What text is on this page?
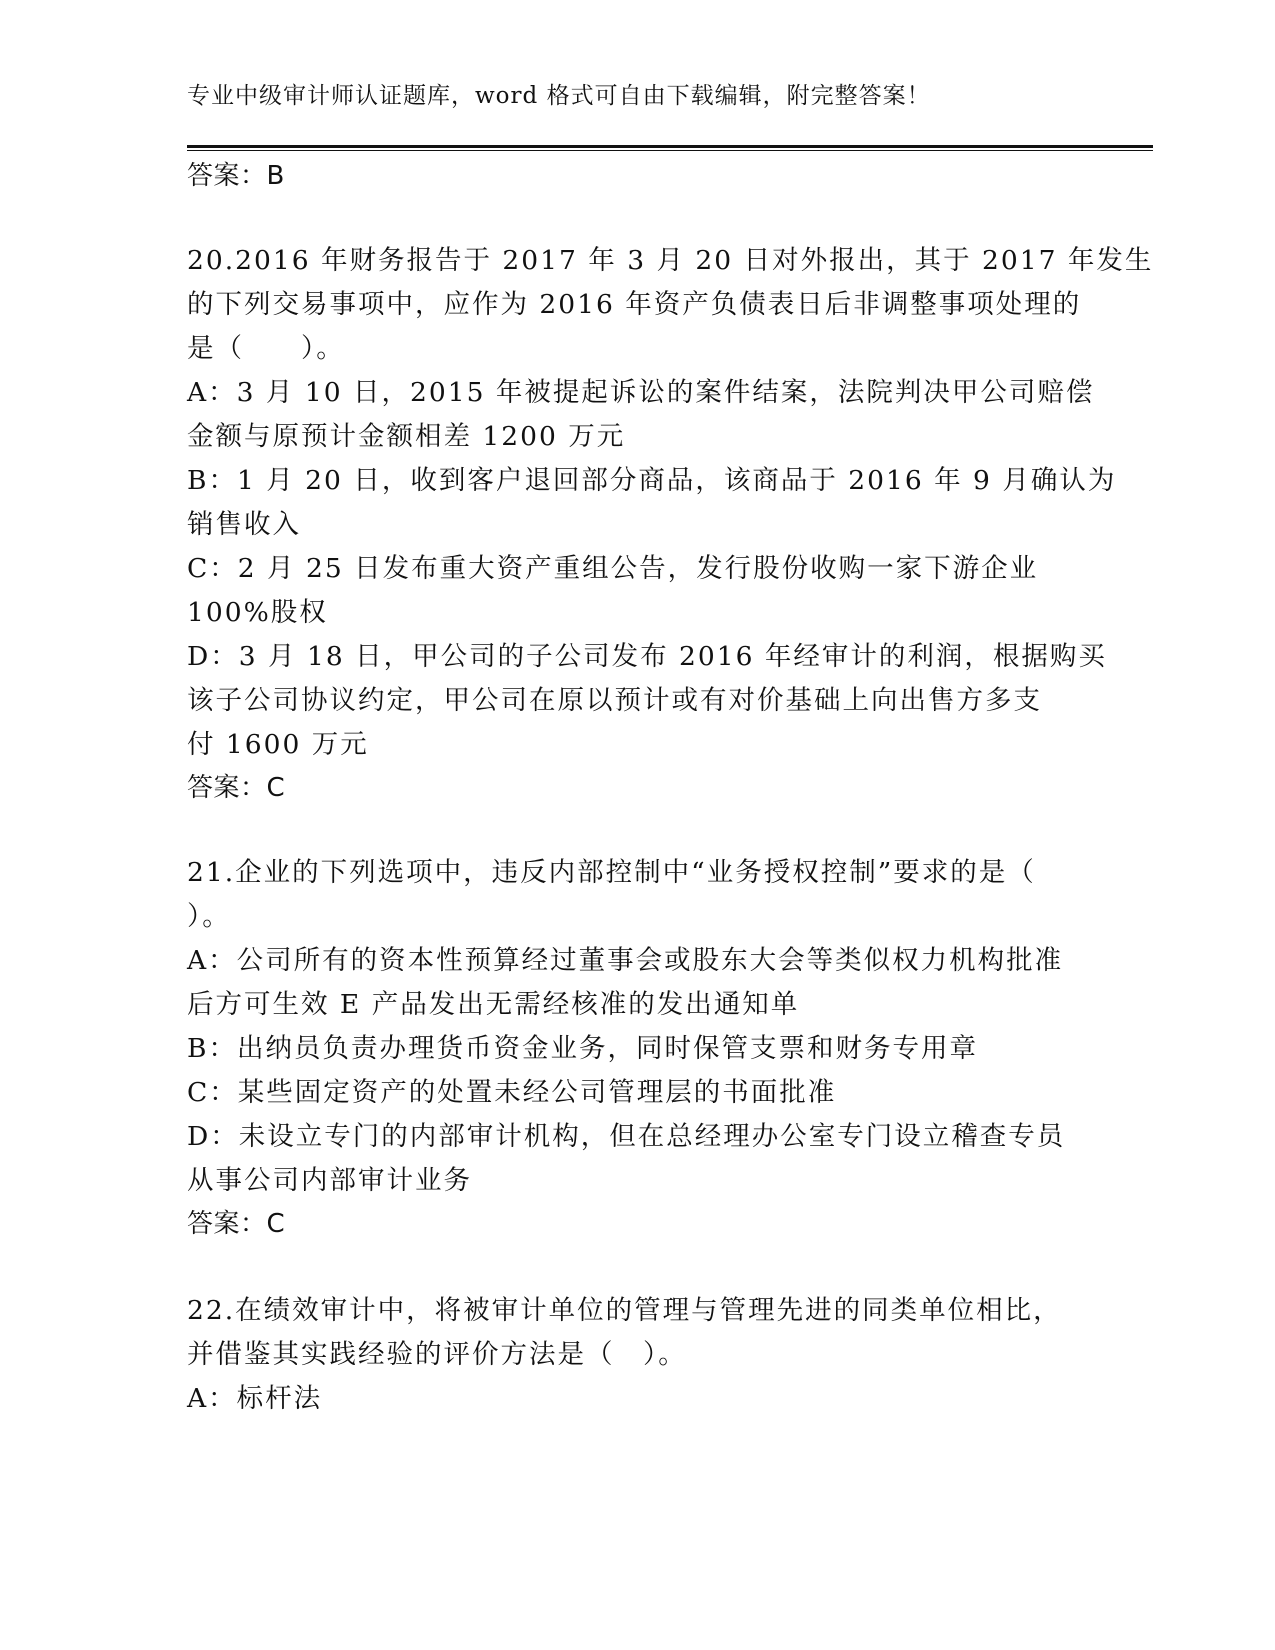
专业中级审计师认证题库，word 格式可自由下载编辑，附完整答案！
答案：B
20.2016 年财务报告于 2017 年 3 月 20 日对外报出，其于 2017 年发生
的下列交易事项中，应作为 2016 年资产负债表日后非调整事项处理的
是（　　）。
A：3 月 10 日，2015 年被提起诉讼的案件结案，法院判决甲公司赔偿
金额与原预计金额相差 1200 万元
B：1 月 20 日，收到客户退回部分商品，该商品于 2016 年 9 月确认为
销售收入
C：2 月 25 日发布重大资产重组公告，发行股份收购一家下游企业
100%股权
D：3 月 18 日，甲公司的子公司发布 2016 年经审计的利润，根据购买
该子公司协议约定，甲公司在原以预计或有对价基础上向出售方多支
付 1600 万元
答案：C
21.企业的下列选项中，违反内部控制中“业务授权控制”要求的是（
）。
A：公司所有的资本性预算经过董事会或股东大会等类似权力机构批准
后方可生效 E 产品发出无需经核准的发出通知单
B：出纳员负责办理货币资金业务，同时保管支票和财务专用章
C：某些固定资产的处置未经公司管理层的书面批准
D：未设立专门的内部审计机构，但在总经理办公室专门设立稽查专员
从事公司内部审计业务
答案：C
22.在绩效审计中，将被审计单位的管理与管理先进的同类单位相比，
并借鉴其实践经验的评价方法是（　）。
A：标杆法
